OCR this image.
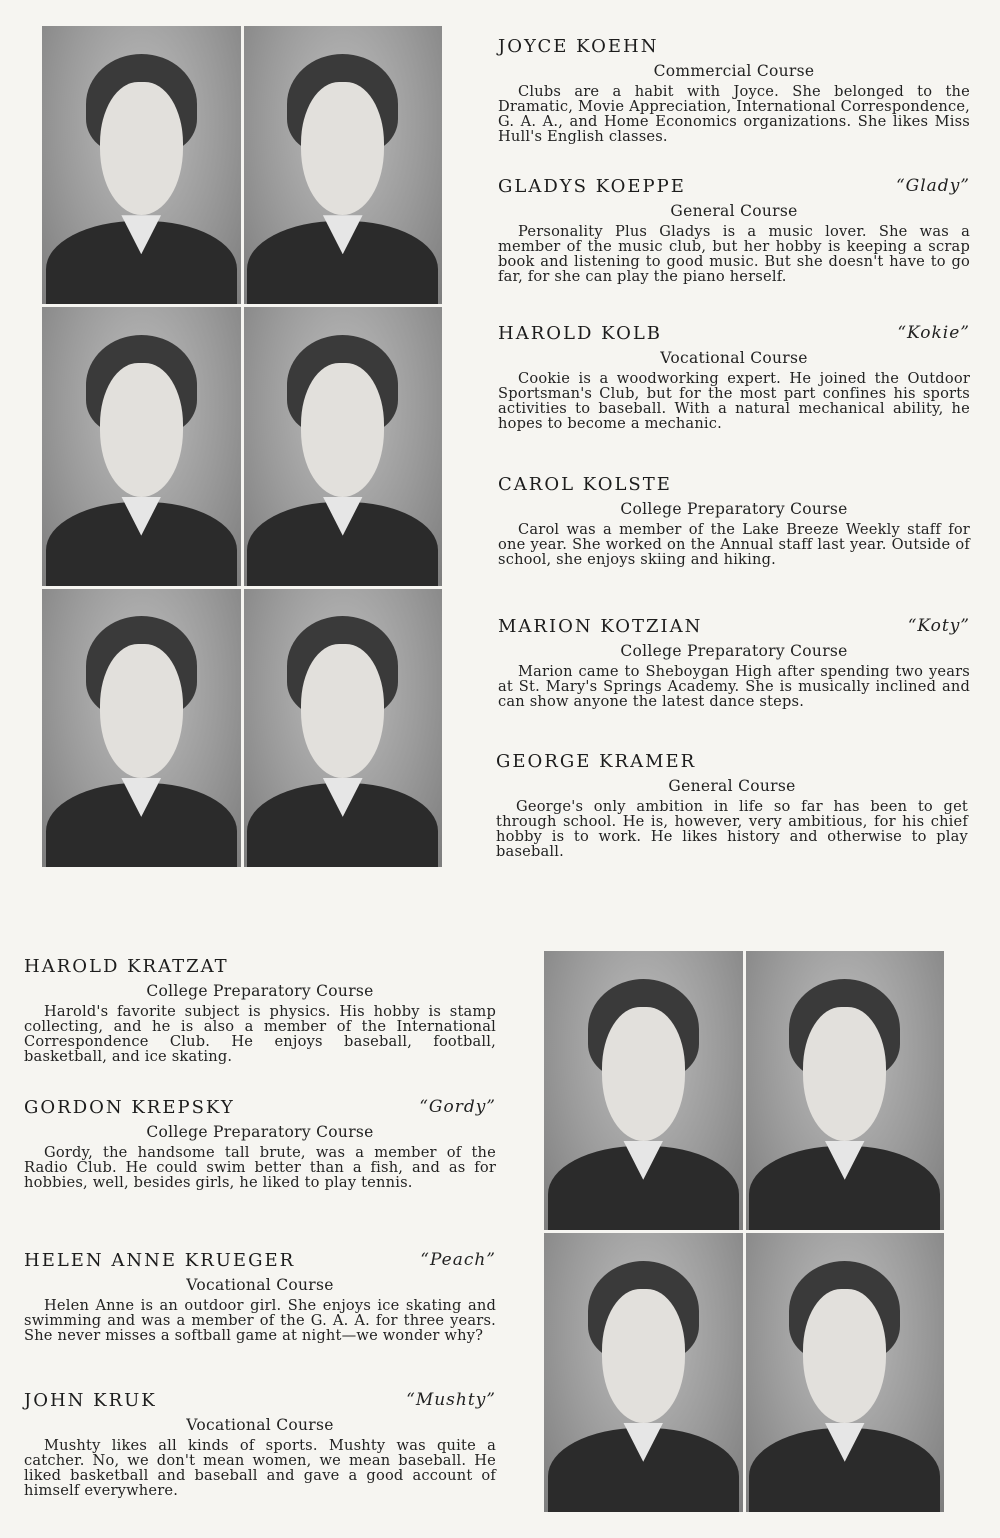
JOYCE KOEHN
Commercial Course

Clubs are a habit with Joyce. She belonged to the Dramatic, Movie Appreciation, International Correspondence, G. A. A., and Home Economics organizations. She likes Miss Hull's English classes.

GLADYS KOEPPE	“Glady”
General Course

Personality Plus Gladys is a music lover. She was a member of the music club, but her hobby is keeping a scrap book and listening to good music. But she doesn't have to go far, for she can play the piano herself.

HAROLD KOLB	“Kokie”
Vocational Course

Cookie is a woodworking expert. He joined the Outdoor Sportsman's Club, but for the most part confines his sports activities to baseball. With a natural mechanical ability, he hopes to become a mechanic.

CAROL KOLSTE
College Preparatory Course

Carol was a member of the Lake Breeze Weekly staff for one year. She worked on the Annual staff last year. Outside of school, she enjoys skiing and hiking.

MARION KOTZIAN	“Koty”
College Preparatory Course

Marion came to Sheboygan High after spending two years at St. Mary's Springs Academy. She is musically inclined and can show anyone the latest dance steps.

GEORGE KRAMER
General Course

George's only ambition in life so far has been to get through school. He is, however, very ambitious, for his chief hobby is to work. He likes history and otherwise to play baseball.

HAROLD KRATZAT
College Preparatory Course

Harold's favorite subject is physics. His hobby is stamp collecting, and he is also a member of the International Correspondence Club. He enjoys baseball, football, basketball, and ice skating.

GORDON KREPSKY	“Gordy”
College Preparatory Course

Gordy, the handsome tall brute, was a member of the Radio Club. He could swim better than a fish, and as for hobbies, well, besides girls, he liked to play tennis.

HELEN ANNE KRUEGER	“Peach”
Vocational Course

Helen Anne is an outdoor girl. She enjoys ice skating and swimming and was a member of the G. A. A. for three years. She never misses a softball game at night—we wonder why?

JOHN KRUK	“Mushty”
Vocational Course

Mushty likes all kinds of sports. Mushty was quite a catcher. No, we don't mean women, we mean baseball. He liked basketball and baseball and gave a good account of himself everywhere.
